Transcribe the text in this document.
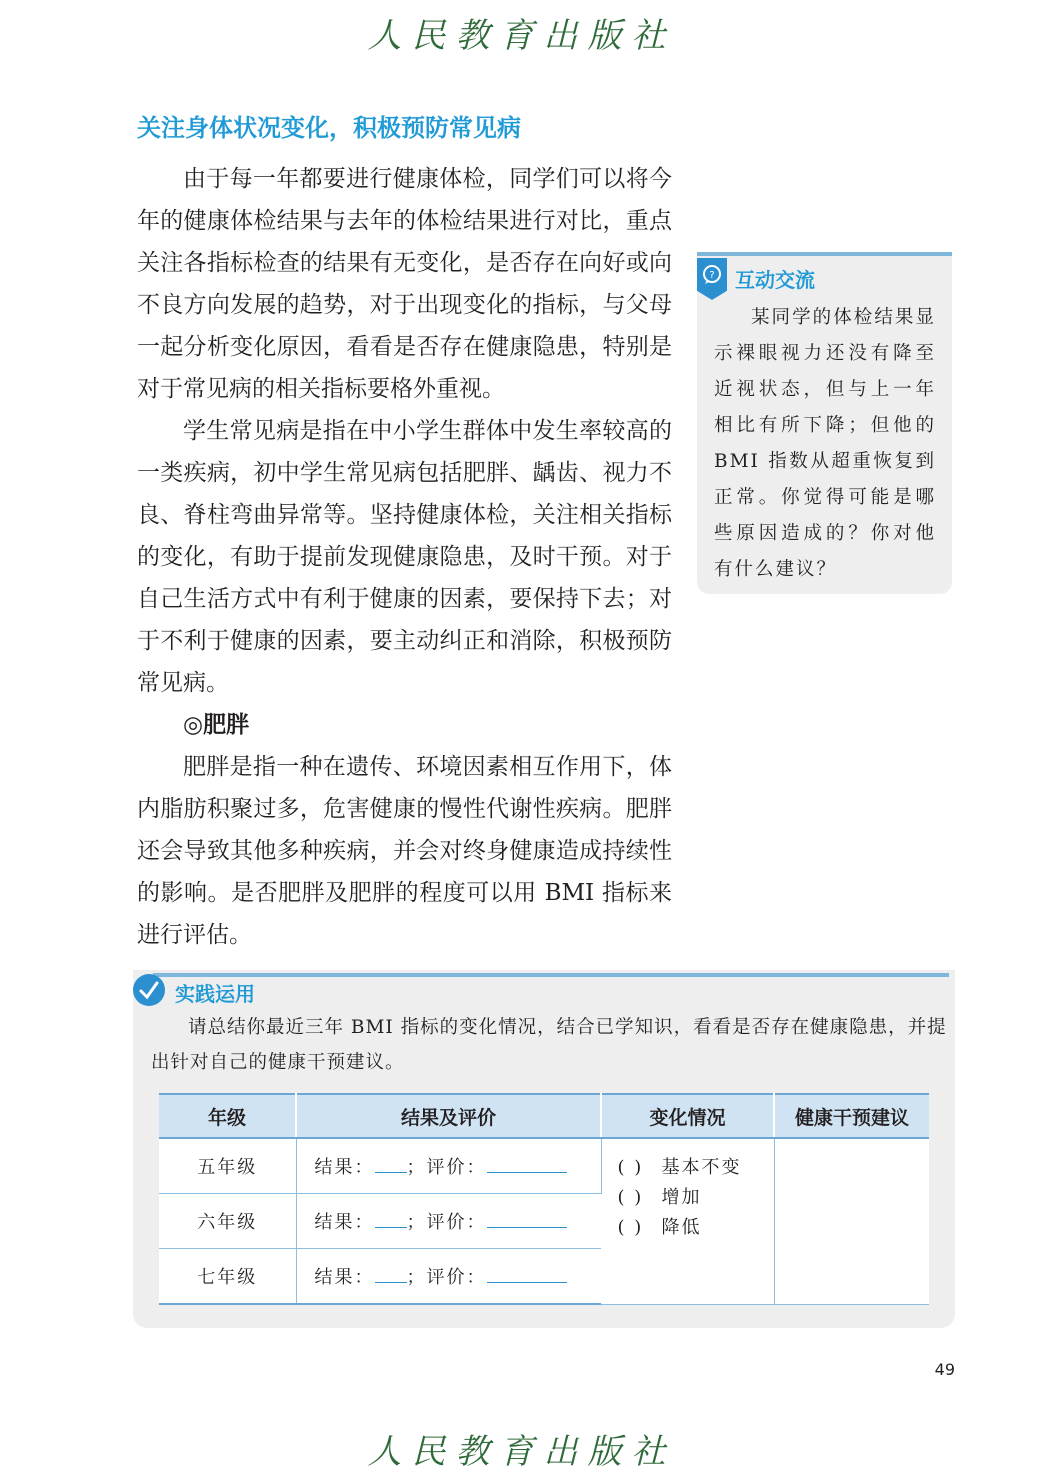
人民教育出版社
关注身体状况变化，积极预防常见病

由于每一年都要进行健康体检，同学们可以将今年的健康体检结果与去年的体检结果进行对比，重点关注各指标检查的结果有无变化，是否存在向好或向不良方向发展的趋势，对于出现变化的指标，与父母一起分析变化原因，看看是否存在健康隐患，特别是对于常见病的相关指标要格外重视。

学生常见病是指在中小学生群体中发生率较高的一类疾病，初中学生常见病包括肥胖、龋齿、视力不良、脊柱弯曲异常等。坚持健康体检，关注相关指标的变化，有助于提前发现健康隐患，及时干预。对于自己生活方式中有利于健康的因素，要保持下去；对于不利于健康的因素，要主动纠正和消除，积极预防常见病。

◎肥胖

肥胖是指一种在遗传、环境因素相互作用下，体内脂肪积聚过多，危害健康的慢性代谢性疾病。肥胖还会导致其他多种疾病，并会对终身健康造成持续性的影响。是否肥胖及肥胖的程度可以用 BMI 指标来进行评估。

? 互动交流

某同学的体检结果显示裸眼视力还没有降至近视状态，但与上一年相比有所下降；但他的 BMI 指数从超重恢复到正常。你觉得可能是哪些原因造成的？你对他有什么建议？

实践运用

请总结你最近三年 BMI 指标的变化情况，结合已学知识，看看是否存在健康隐患，并提出针对自己的健康干预建议。

年级	结果及评价	变化情况	健康干预建议
五年级	结果： ；评价：	( ) 基本不变
( ) 增加
( ) 降低	

六年级	结果： ；评价：		
七年级	结果： ；评价：		
49
人民教育出版社
